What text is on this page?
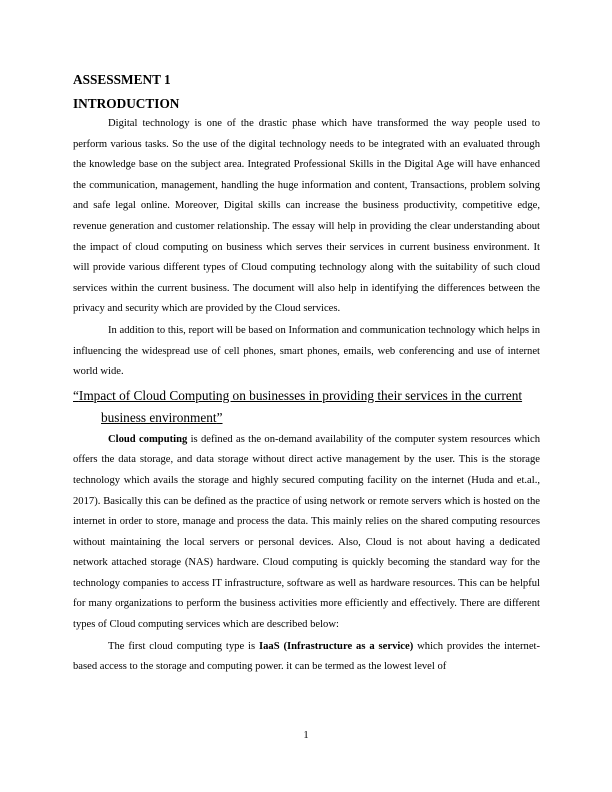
ASSESSMENT 1
INTRODUCTION

Digital technology is one of the drastic phase which have transformed the way people used to perform various tasks. So the use of the digital technology needs to be integrated with an evaluated through the knowledge base on the subject area. Integrated Professional Skills in the Digital Age will have enhanced the communication, management, handling the huge information and content, Transactions, problem solving and safe legal online. Moreover, Digital skills can increase the business productivity, competitive edge, revenue generation and customer relationship. The essay will help in providing the clear understanding about the impact of cloud computing on business which serves their services in current business environment. It will provide various different types of Cloud computing technology along with the suitability of such cloud services within the current business. The document will also help in identifying the differences between the privacy and security which are provided by the Cloud services.

In addition to this, report will be based on Information and communication technology which helps in influencing the widespread use of cell phones, smart phones, emails, web conferencing and use of internet world wide.

“Impact of Cloud Computing on businesses in providing their services in the current business environment”

Cloud computing is defined as the on-demand availability of the computer system resources which offers the data storage, and data storage without direct active management by the user. This is the storage technology which avails the storage and highly secured computing facility on the internet (Huda and et.al., 2017). Basically this can be defined as the practice of using network or remote servers which is hosted on the internet in order to store, manage and process the data. This mainly relies on the shared computing resources without maintaining the local servers or personal devices. Also, Cloud is not about having a dedicated network attached storage (NAS) hardware. Cloud computing is quickly becoming the standard way for the technology companies to access IT infrastructure, software as well as hardware resources. This can be helpful for many organizations to perform the business activities more efficiently and effectively. There are different types of Cloud computing services which are described below:

The first cloud computing type is IaaS (Infrastructure as a service) which provides the internet-based access to the storage and computing power. it can be termed as the lowest level of

1
